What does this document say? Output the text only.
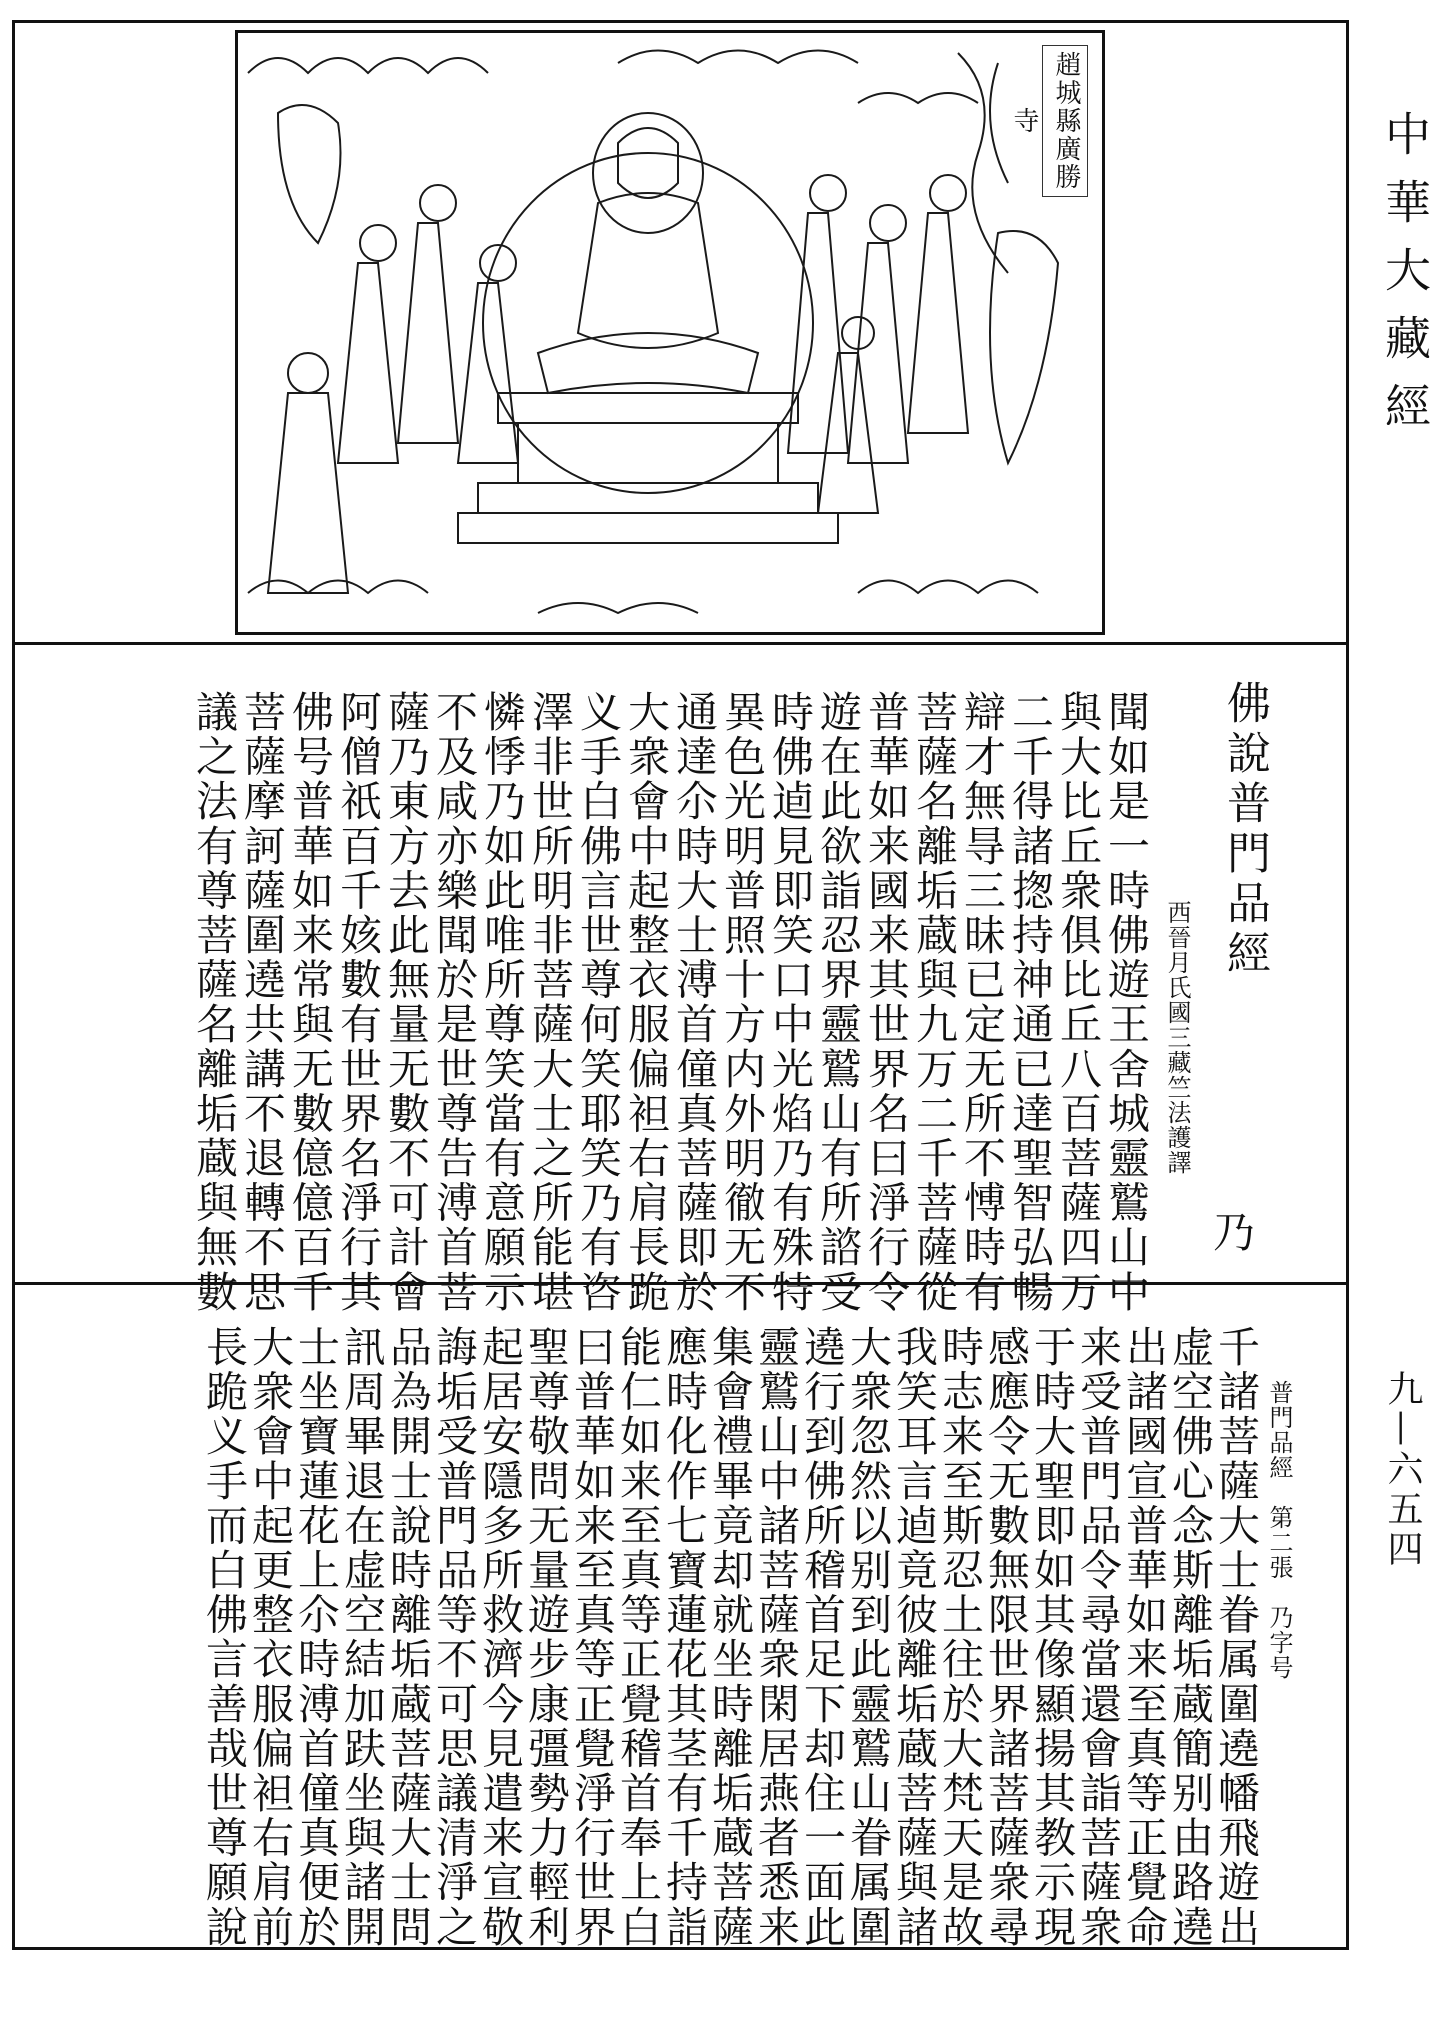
趙城縣廣勝寺	中華大藏經
九—六五四
佛說普門品經
西晉月氏國三藏竺法護譯
乃
聞如是一時佛遊王舍城靈鷲山中
與大比丘衆俱比丘八百菩薩四万
二千得諸揔持神通已達聖智弘暢
辯才無㝵三昧已定无所不愽時有
菩薩名離垢蔵與九万二千菩薩從
普華如来國来其世界名曰淨行令
遊在此欲詣忍界靈鷲山有所諮受
時佛逌見即笑口中光焰乃有殊特
異色光明普照十方内外明徹无不
通達尒時大士溥首僮真菩薩即於
大衆會中起整衣服偏袒右肩長跪
义手白佛言世尊何笑耶笑乃有咨
澤非世所明非菩薩大士之所能堪
憐悸乃如此唯所尊笑當有意願示
不及咸亦樂聞於是世尊告溥首菩
薩乃東方去此無量无數不可計會
阿僧祇百千姟數有世界名淨行其
佛号普華如来常與无數億億百千
菩薩摩訶薩圍遶共講不退轉不思
議之法有尊菩薩名離垢蔵與無數
普門品經　第二張　乃字号
千諸菩薩大士眷属圍遶幡飛遊出
虚空佛心念斯離垢蔵簡别由路遶
出諸國宣普華如来至真等正覺命
来受普門品令尋當還會詣菩薩衆
于時大聖即如其像顯揚其教示現
感應令无數無限世界諸菩薩衆尋
時志来至斯忍土往於大梵天是故
我笑耳言逌竟彼離垢蔵菩薩與諸
大衆忽然以别到此靈鷲山眷属圍
遶行到佛所稽首足下却住一面此
靈鷲山中諸菩薩衆閑居燕者悉来
集會禮畢竟却就坐時離垢蔵菩薩
應時化作七寶蓮花其茎有千持詣
能仁如来至真等正覺稽首奉上白
曰普華如来至真等正覺淨行世界
聖尊敬問无量遊步康彊勢力輕利
起居安隱多所救濟今見遣来宣敬
誨垢受普門品等不可思議清淨之
品為開士說時離垢蔵菩薩大士問
訊周畢退在虚空結加趺坐與諸開
士坐寶蓮花上尒時溥首僮真便於
大衆會中起更整衣服偏袒右肩前
長跪义手而白佛言善哉世尊願說
